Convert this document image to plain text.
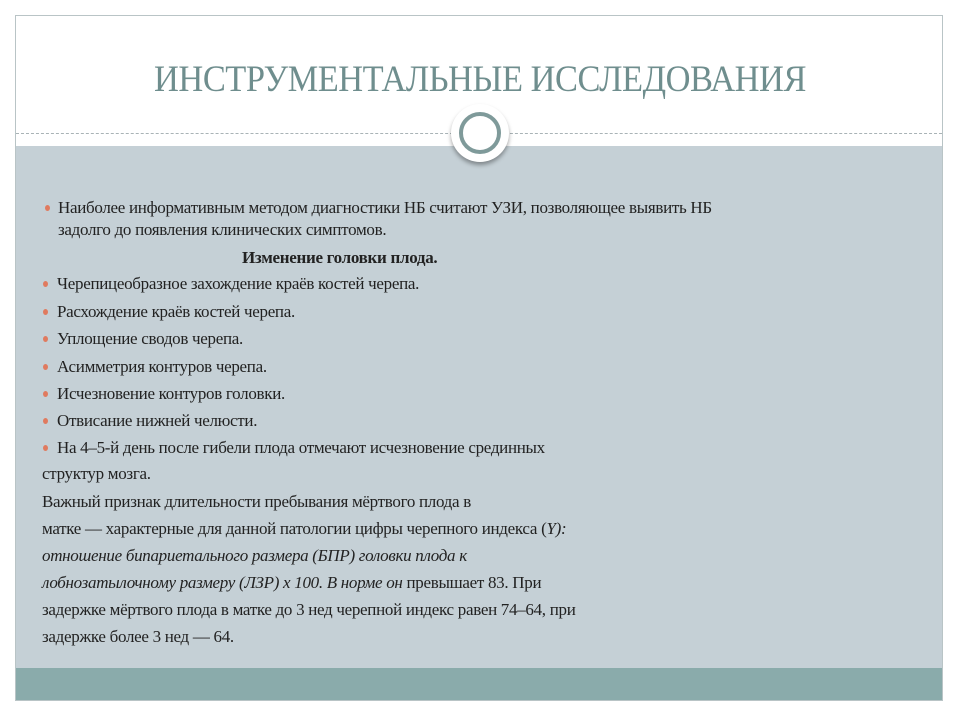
ИНСТРУМЕНТАЛЬНЫЕ ИССЛЕДОВАНИЯ
Наиболее информативным методом диагностики НБ считают УЗИ, позволяющее выявить НБ
задолго до появления клинических симптомов.
Изменение головки плода.
Черепицеобразное захождение краёв костей черепа.
Расхождение краёв костей черепа.
Уплощение сводов черепа.
Асимметрия контуров черепа.
Исчезновение контуров головки.
Отвисание нижней челюсти.
На 4–5-й день после гибели плода отмечают исчезновение срединных
структур мозга.
Важный признак длительности пребывания мёртвого плода в
матке — характерные для данной патологии цифры черепного индекса (Y):
отношение бипариетального размера (БПР) головки плода к
лобнозатылочному размеру (ЛЗР) х 100. В норме он превышает 83. При
задержке мёртвого плода в матке до 3 нед черепной индекс равен 74–64, при
задержке более 3 нед — 64.
